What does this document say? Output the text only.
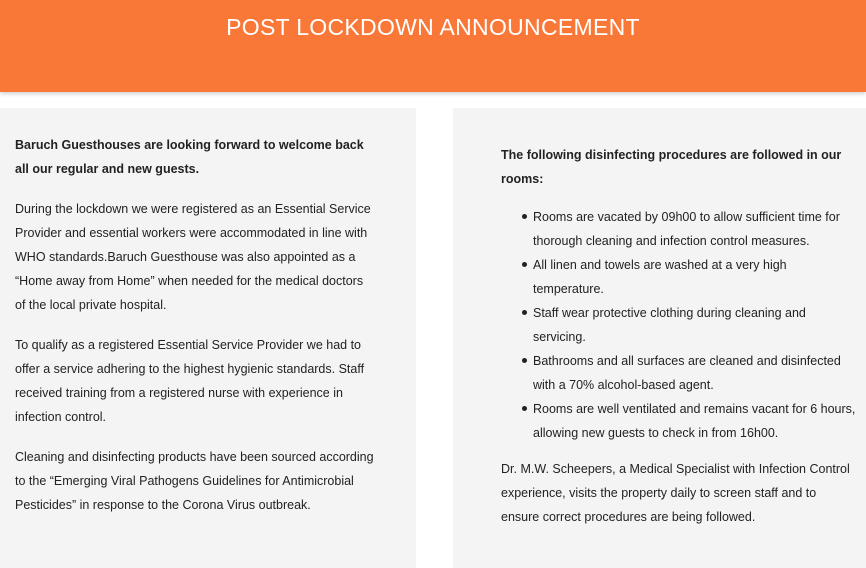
POST LOCKDOWN ANNOUNCEMENT

Baruch Guesthouses are looking forward to welcome back all our regular and new guests.

During the lockdown we were registered as an Essential Service Provider and essential workers were accommodated in line with WHO standards.Baruch Guesthouse was also appointed as a “Home away from Home” when needed for the medical doctors of the local private hospital.

To qualify as a registered Essential Service Provider we had to offer a service adhering to the highest hygienic standards. Staff received training from a registered nurse with experience in infection control.

Cleaning and disinfecting products have been sourced according to the “Emerging Viral Pathogens Guidelines for Antimicrobial Pesticides” in response to the Corona Virus outbreak.

The following disinfecting procedures are followed in our rooms:

Rooms are vacated by 09h00 to allow sufficient time for thorough cleaning and infection control measures.
All linen and towels are washed at a very high temperature.
Staff wear protective clothing during cleaning and servicing.
Bathrooms and all surfaces are cleaned and disinfected with a 70% alcohol-based agent.
Rooms are well ventilated and remains vacant for 6 hours, allowing new guests to check in from 16h00.

Dr. M.W. Scheepers, a Medical Specialist with Infection Control experience, visits the property daily to screen staff and to ensure correct procedures are being followed.
